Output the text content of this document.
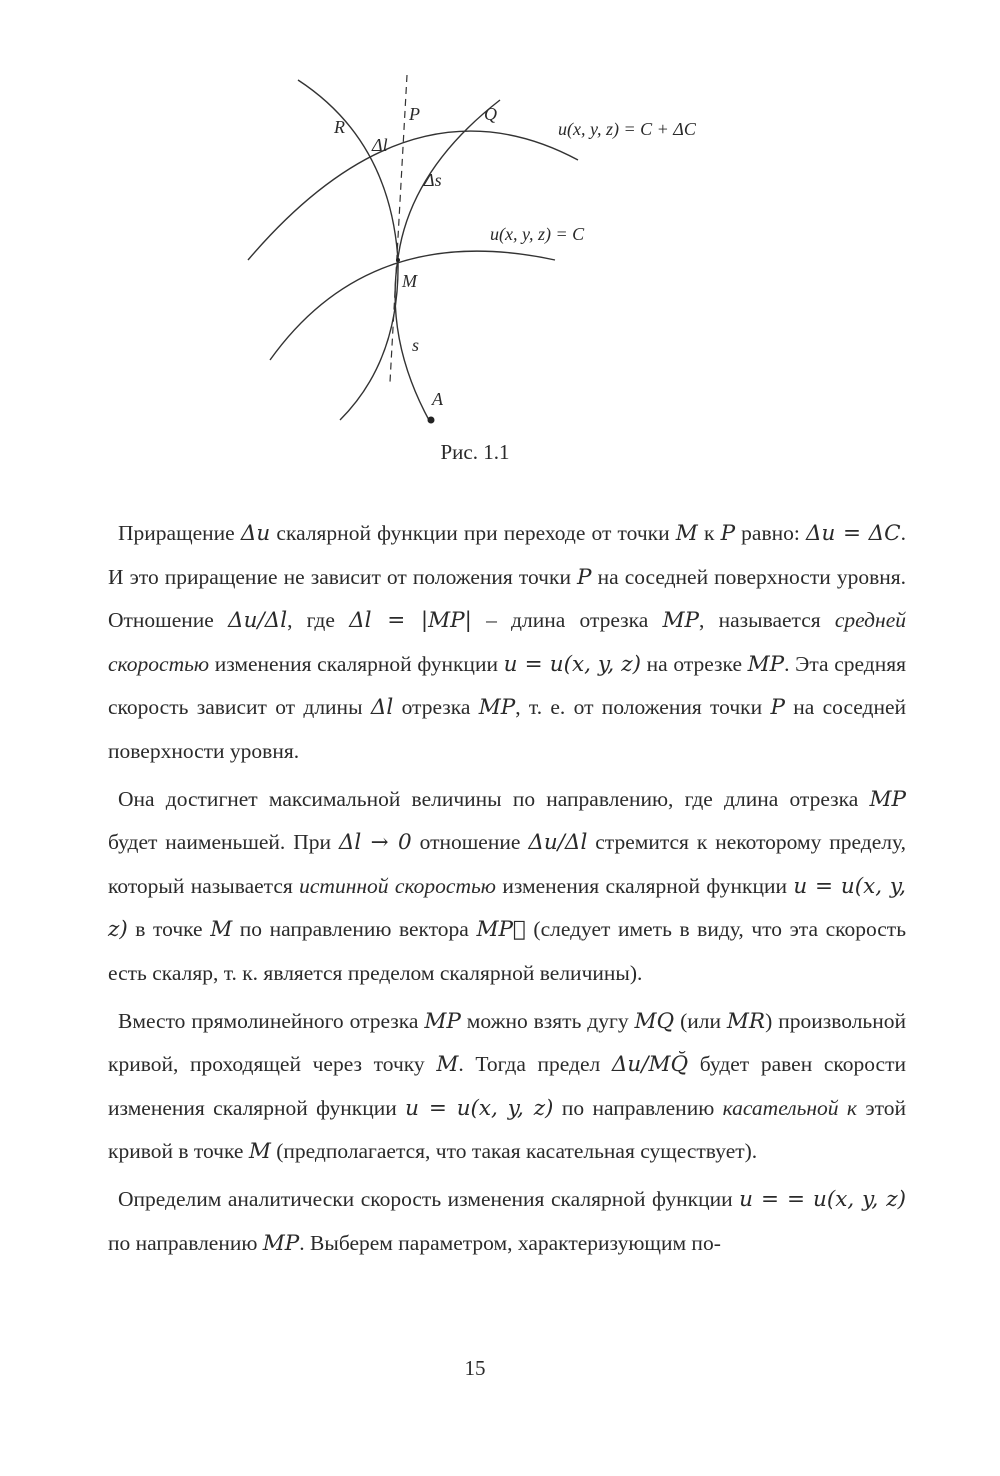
R
P	Q
Δl
Δs
M
s
A
u(x, y, z) = C + ΔC
u(x, y, z) = C
Рис. 1.1

Приращение Δu скалярной функции при переходе от точки M к P равно: Δu = ΔC. И это приращение не зависит от положения точки P на соседней поверхности уровня. Отношение Δu/Δl, где Δl = |MP| – длина отрезка MP, называется средней скоростью изменения скалярной функции u = u(x, y, z) на отрезке MP. Эта средняя скорость зависит от длины Δl отрезка MP, т. е. от положения точки P на соседней поверхности уровня.

Она достигнет максимальной величины по направлению, где длина отрезка MP будет наименьшей. При Δl → 0 отношение Δu/Δl стремится к некоторому пределу, который называется истинной скоростью изменения скалярной функции u = u(x, y, z) в точке M по направлению вектора MP⃗ (следует иметь в виду, что эта скорость есть скаляр, т. к. является пределом скалярной величины).

Вместо прямолинейного отрезка MP можно взять дугу MQ (или MR) произвольной кривой, проходящей через точку M. Тогда предел Δu/MQ̆ будет равен скорости изменения скалярной функции u = u(x, y, z) по направлению касательной к этой кривой в точке M (предполагается, что такая касательная существует).

Определим аналитически скорость изменения скалярной функции u = = u(x, y, z) по направлению MP. Выберем параметром, характеризующим по-

15
